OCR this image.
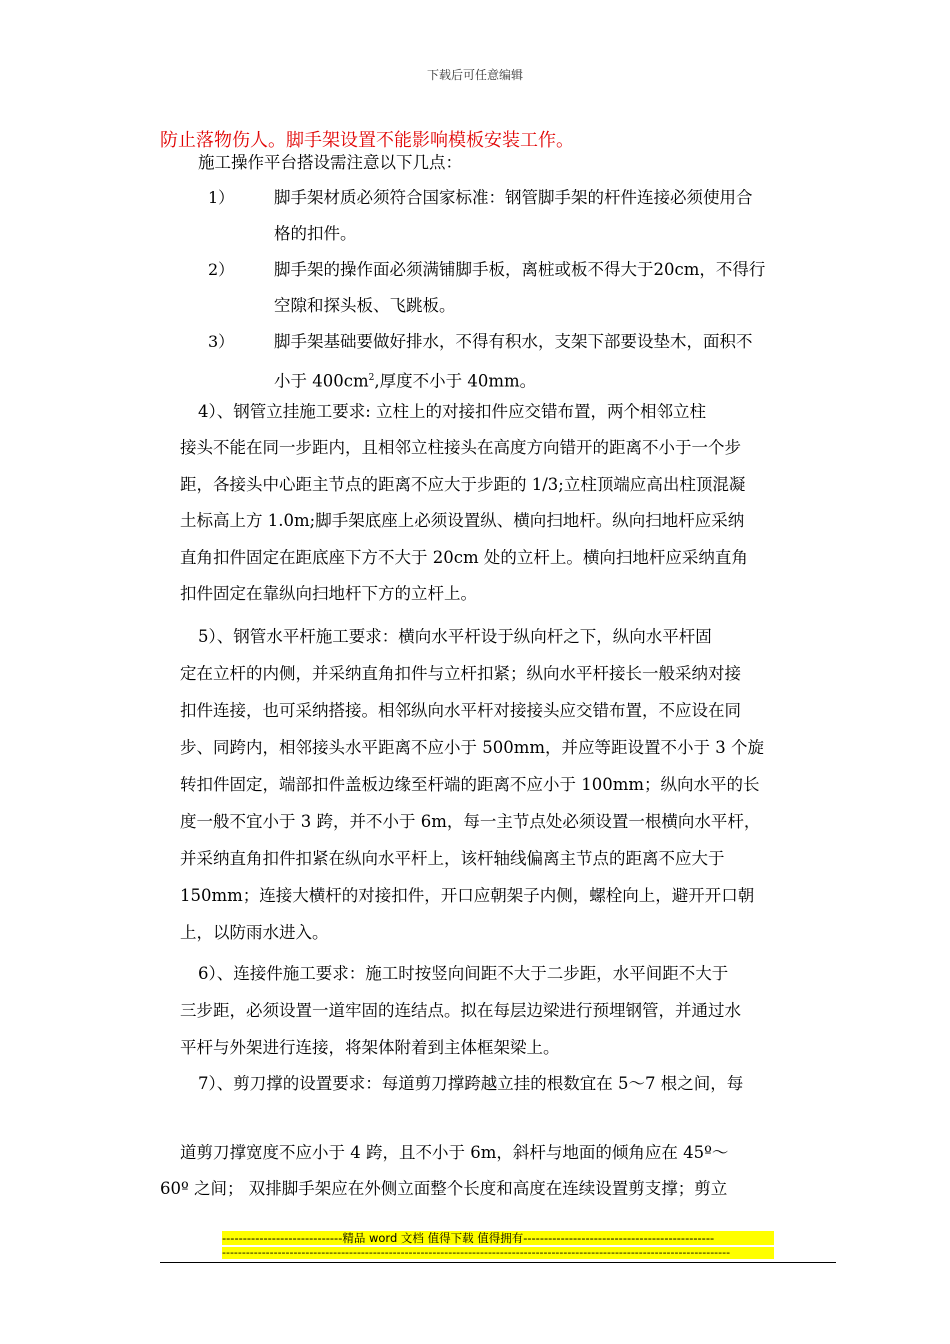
下载后可任意编辑
防止落物伤人。脚手架设置不能影响模板安装工作。
施工操作平台搭设需注意以下几点：
1） 脚手架材质必须符合国家标准：钢管脚手架的杆件连接必须使用合
格的扣件。
2） 脚手架的操作面必须满铺脚手板，离桩或板不得大于20cm，不得行
空隙和探头板、飞跳板。
3） 脚手架基础要做好排水，不得有积水，支架下部要设垫木，面积不
小于 $400cm^2$,厚度不小于 40mm。
4）、钢管立挂施工要求: 立柱上的对接扣件应交错布置，两个相邻立柱
接头不能在同一步距内，且相邻立柱接头在高度方向错开的距离不小于一个步
距，各接头中心距主节点的距离不应大于步距的 1/3;立柱顶端应高出柱顶混凝
土标高上方 1.0m;脚手架底座上必须设置纵、横向扫地杆。纵向扫地杆应采纳
直角扣件固定在距底座下方不大于 20cm 处的立杆上。横向扫地杆应采纳直角
扣件固定在靠纵向扫地杆下方的立杆上。
5）、钢管水平杆施工要求：横向水平杆设于纵向杆之下，纵向水平杆固
定在立杆的内侧，并采纳直角扣件与立杆扣紧；纵向水平杆接长一般采纳对接
扣件连接，也可采纳搭接。相邻纵向水平杆对接接头应交错布置，不应设在同
步、同跨内，相邻接头水平距离不应小于 500mm，并应等距设置不小于 3 个旋
转扣件固定，端部扣件盖板边缘至杆端的距离不应小于 100mm；纵向水平的长
度一般不宜小于 3 跨，并不小于 6m，每一主节点处必须设置一根横向水平杆，
并采纳直角扣件扣紧在纵向水平杆上，该杆轴线偏离主节点的距离不应大于
150mm；连接大横杆的对接扣件，开口应朝架子内侧，螺栓向上，避开开口朝
上，以防雨水进入。
6）、连接件施工要求：施工时按竖向间距不大于二步距，水平间距不大于
三步距，必须设置一道牢固的连结点。拟在每层边梁进行预埋钢管，并通过水
平杆与外架进行连接，将架体附着到主体框架梁上。
7）、剪刀撑的设置要求：每道剪刀撑跨越立挂的根数宜在 5～7 根之间，每
道剪刀撑宽度不应小于 4 跨，且不小于 6m，斜杆与地面的倾角应在 45º～
60º 之间； 双排脚手架应在外侧立面整个长度和高度在连续设置剪支撑；剪立
-----------------------------精品 word 文档 值得下载 值得拥有----------------------------------------------
--------------------------------------------------------------------------------------------------------------------------------
